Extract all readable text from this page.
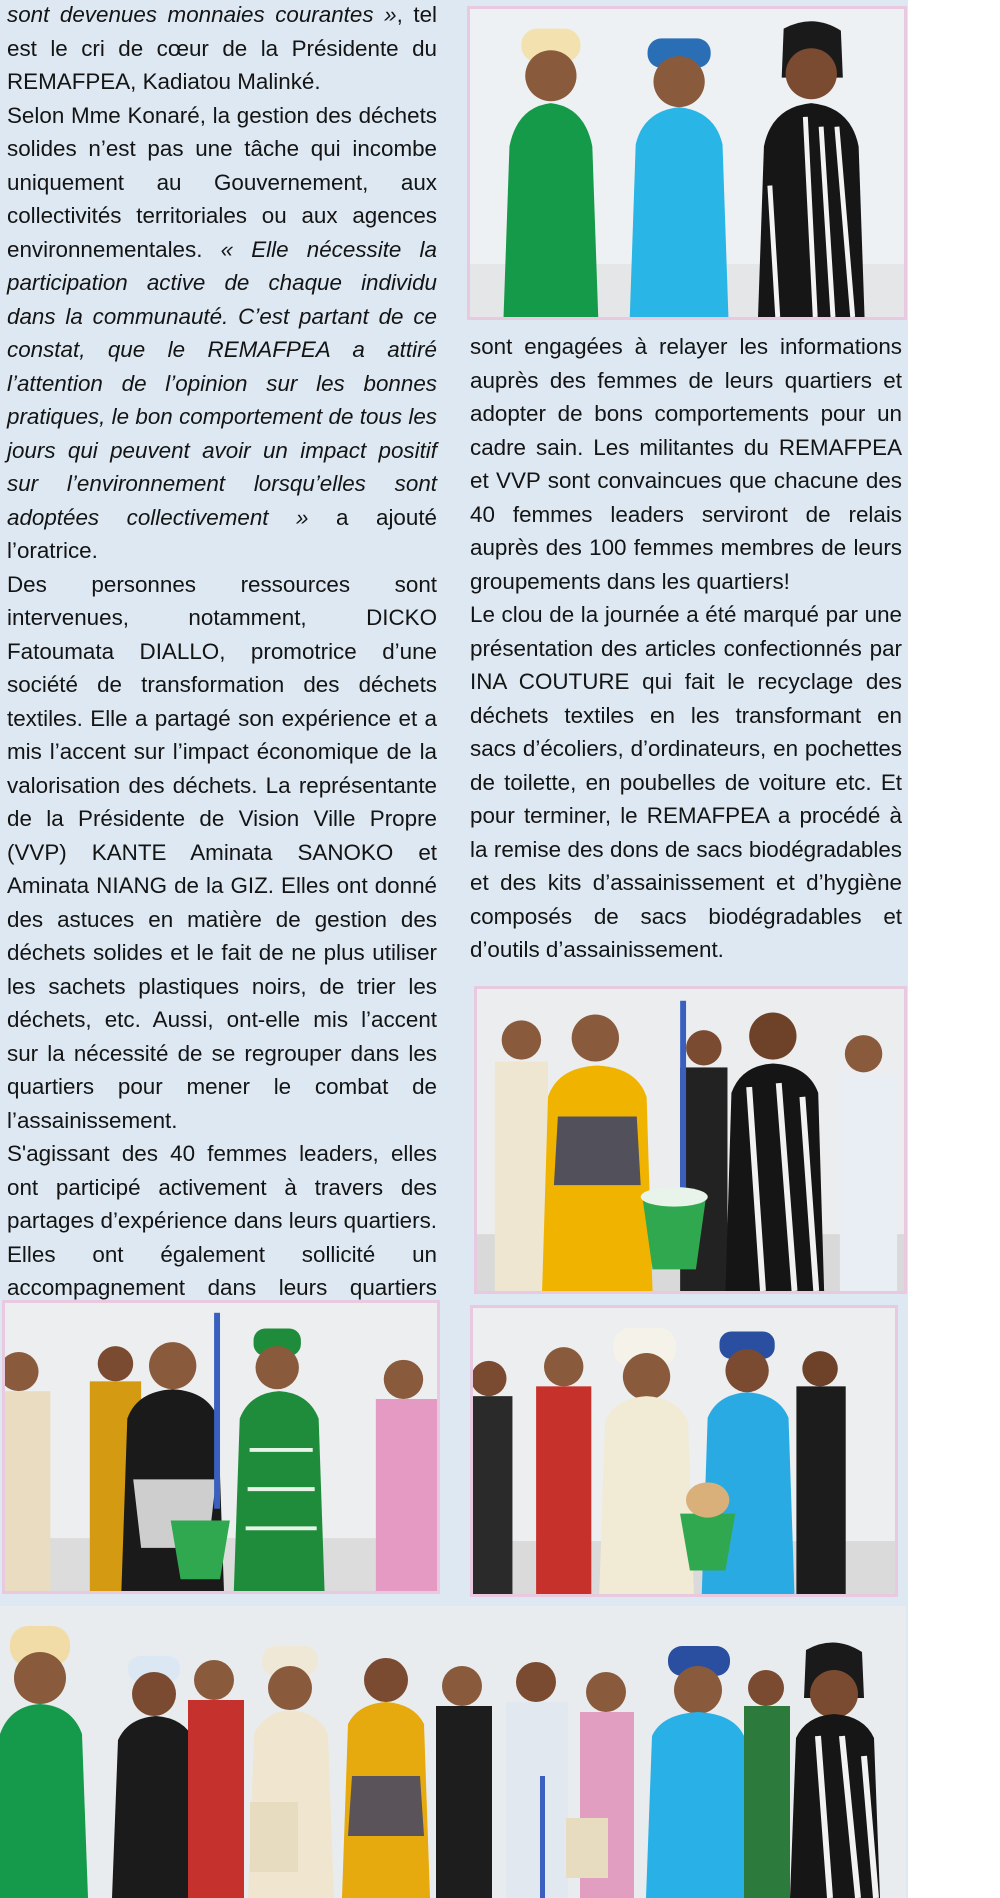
sont devenues monnaies courantes », tel est le cri de cœur de la Présidente du REMAFPEA, Kadiatou Malinké.

Selon Mme Konaré, la gestion des déchets solides n’est pas une tâche qui incombe uniquement au Gouvernement, aux collectivités territoriales ou aux agences environnementales. « Elle nécessite la participation active de chaque individu dans la communauté. C’est partant de ce constat, que le REMAFPEA a attiré l’attention de l’opinion sur les bonnes pratiques, le bon comportement de tous les jours qui peuvent avoir un impact positif sur l’environnement lorsqu’elles sont adoptées collectivement » a ajouté l’oratrice.

Des personnes ressources sont intervenues, notamment, DICKO Fatoumata DIALLO, promotrice d’une société de transformation des déchets textiles. Elle a partagé son expérience et a mis l’accent sur l’impact économique de la valorisation des déchets. La représentante de la Présidente de Vision Ville Propre (VVP) KANTE Aminata SANOKO et Aminata NIANG de la GIZ. Elles ont donné des astuces en matière de gestion des déchets solides et le fait de ne plus utiliser les sachets plastiques noirs, de trier les déchets, etc. Aussi, ont-elle mis l’accent sur la nécessité de se regrouper dans les quartiers pour mener le combat de l’assainissement.

S'agissant des 40 femmes leaders, elles ont participé activement à travers des partages d’expérience dans leurs quartiers. Elles ont également sollicité un accompagnement dans leurs quartiers

sont engagées à relayer les informations auprès des femmes de leurs quartiers et adopter de bons comportements pour un cadre sain. Les militantes du REMAFPEA et VVP sont convaincues que chacune des 40 femmes leaders serviront de relais auprès des 100 femmes membres de leurs groupements dans les quartiers!

Le clou de la journée a été marqué par une présentation des articles confectionnés par INA COUTURE qui fait le recyclage des déchets textiles en les transformant en sacs d’écoliers, d’ordinateurs, en pochettes de toilette, en poubelles de voiture etc. Et pour terminer, le REMAFPEA a procédé à la remise des dons de sacs biodégradables et des kits d’assainissement et d’hygiène composés de sacs biodégradables et d’outils d’assainissement.
